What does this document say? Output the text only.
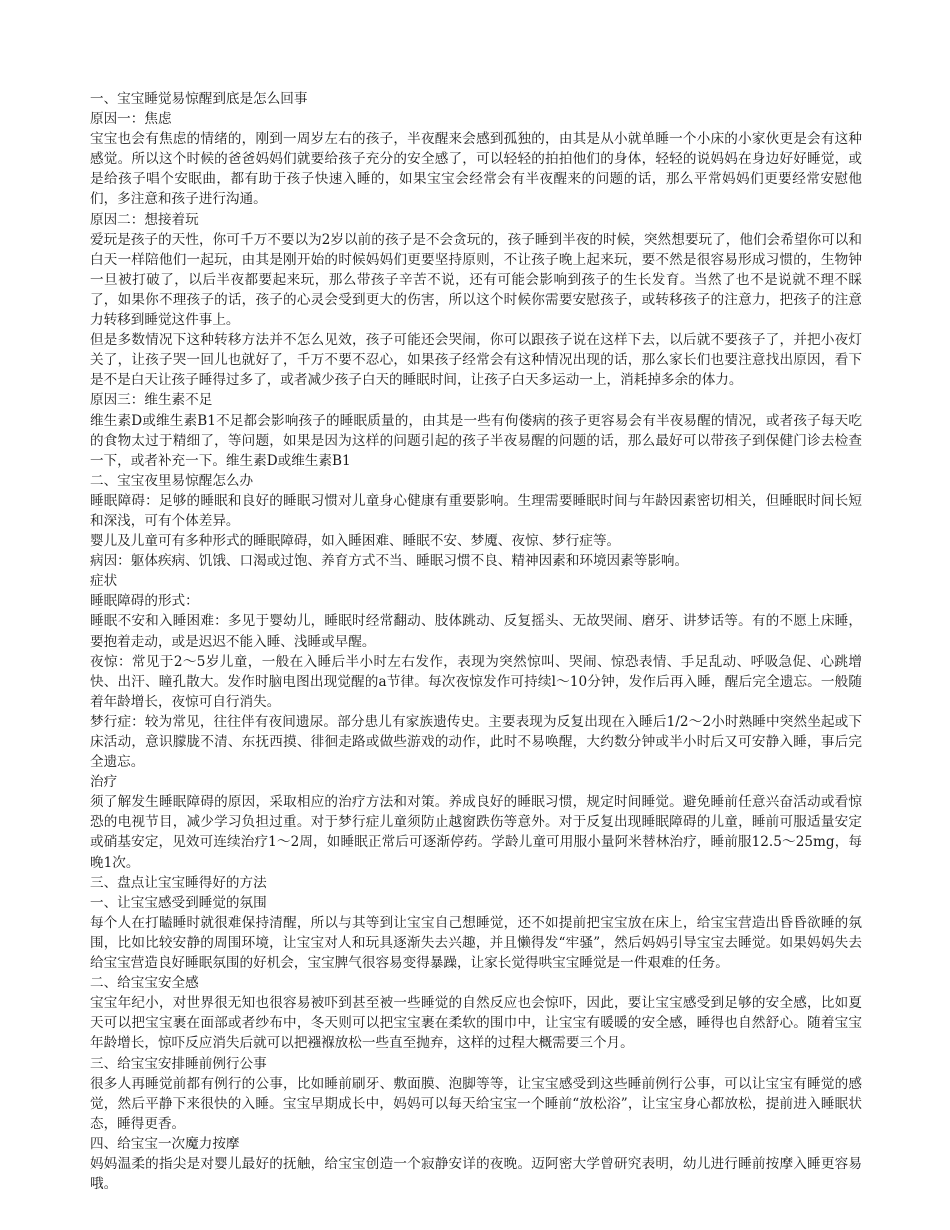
一、宝宝睡觉易惊醒到底是怎么回事

原因一：焦虑

宝宝也会有焦虑的情绪的，刚到一周岁左右的孩子，半夜醒来会感到孤独的，由其是从小就单睡一个小床的小家伙更是会有这种感觉。所以这个时候的爸爸妈妈们就要给孩子充分的安全感了，可以轻轻的拍拍他们的身体，轻轻的说妈妈在身边好好睡觉，或是给孩子唱个安眠曲，都有助于孩子快速入睡的，如果宝宝会经常会有半夜醒来的问题的话，那么平常妈妈们更要经常安慰他们，多注意和孩子进行沟通。

原因二：想接着玩

爱玩是孩子的天性，你可千万不要以为2岁以前的孩子是不会贪玩的，孩子睡到半夜的时候，突然想要玩了，他们会希望你可以和白天一样陪他们一起玩，由其是刚开始的时候妈妈们更要坚持原则，不让孩子晚上起来玩，要不然是很容易形成习惯的，生物钟一旦被打破了，以后半夜都要起来玩，那么带孩子辛苦不说，还有可能会影响到孩子的生长发育。当然了也不是说就不理不睬了，如果你不理孩子的话，孩子的心灵会受到更大的伤害，所以这个时候你需要安慰孩子，或转移孩子的注意力，把孩子的注意力转移到睡觉这件事上。

但是多数情况下这种转移方法并不怎么见效，孩子可能还会哭闹，你可以跟孩子说在这样下去，以后就不要孩子了，并把小夜灯关了，让孩子哭一回儿也就好了，千万不要不忍心，如果孩子经常会有这种情况出现的话，那么家长们也要注意找出原因，看下是不是白天让孩子睡得过多了，或者减少孩子白天的睡眠时间，让孩子白天多运动一上，消耗掉多余的体力。

原因三：维生素不足

维生素D或维生素B1不足都会影响孩子的睡眠质量的，由其是一些有佝偻病的孩子更容易会有半夜易醒的情况，或者孩子每天吃的食物太过于精细了，等问题，如果是因为这样的问题引起的孩子半夜易醒的问题的话，那么最好可以带孩子到保健门诊去检查一下，或者补充一下。维生素D或维生素B1

二、宝宝夜里易惊醒怎么办

睡眠障碍：足够的睡眠和良好的睡眠习惯对儿童身心健康有重要影响。生理需要睡眠时间与年龄因素密切相关，但睡眠时间长短和深浅，可有个体差异。

婴儿及儿童可有多种形式的睡眠障碍，如入睡困难、睡眠不安、梦魇、夜惊、梦行症等。

病因：躯体疾病、饥饿、口渴或过饱、养育方式不当、睡眠习惯不良、精神因素和环境因素等影响。

症状

睡眠障碍的形式：

睡眠不安和入睡困难：多见于婴幼儿，睡眠时经常翻动、肢体跳动、反复摇头、无故哭闹、磨牙、讲梦话等。有的不愿上床睡，要抱着走动，或是迟迟不能入睡、浅睡或早醒。

夜惊：常见于2～5岁儿童，一般在入睡后半小时左右发作，表现为突然惊叫、哭闹、惊恐表情、手足乱动、呼吸急促、心跳增快、出汗、瞳孔散大。发作时脑电图出现觉醒的a节律。每次夜惊发作可持续l～10分钟，发作后再入睡，醒后完全遗忘。一般随着年龄增长，夜惊可自行消失。

梦行症：较为常见，往往伴有夜间遗尿。部分患儿有家族遗传史。主要表现为反复出现在入睡后1/2～2小时熟睡中突然坐起或下床活动，意识朦胧不清、东抚西摸、徘徊走路或做些游戏的动作，此时不易唤醒，大约数分钟或半小时后又可安静入睡，事后完全遗忘。

治疗

须了解发生睡眠障碍的原因，采取相应的治疗方法和对策。养成良好的睡眠习惯，规定时间睡觉。避免睡前任意兴奋活动或看惊恐的电视节目，减少学习负担过重。对于梦行症儿童须防止越窗跌伤等意外。对于反复出现睡眠障碍的儿童，睡前可服适量安定或硝基安定，见效可连续治疗1～2周，如睡眠正常后可逐渐停药。学龄儿童可用服小量阿米替林治疗，睡前服12.5～25mg，每晚1次。

三、盘点让宝宝睡得好的方法

一、让宝宝感受到睡觉的氛围

每个人在打瞌睡时就很难保持清醒，所以与其等到让宝宝自己想睡觉，还不如提前把宝宝放在床上，给宝宝营造出昏昏欲睡的氛围，比如比较安静的周围环境，让宝宝对人和玩具逐渐失去兴趣，并且懒得发“牢骚”，然后妈妈引导宝宝去睡觉。如果妈妈失去给宝宝营造良好睡眠氛围的好机会，宝宝脾气很容易变得暴躁，让家长觉得哄宝宝睡觉是一件艰难的任务。

二、给宝宝安全感

宝宝年纪小，对世界很无知也很容易被吓到甚至被一些睡觉的自然反应也会惊吓，因此，要让宝宝感受到足够的安全感，比如夏天可以把宝宝裹在面部或者纱布中，冬天则可以把宝宝裹在柔软的围巾中，让宝宝有暖暖的安全感，睡得也自然舒心。随着宝宝年龄增长，惊吓反应消失后就可以把襁褓放松一些直至抛弃，这样的过程大概需要三个月。

三、给宝宝安排睡前例行公事

很多人再睡觉前都有例行的公事，比如睡前刷牙、敷面膜、泡脚等等，让宝宝感受到这些睡前例行公事，可以让宝宝有睡觉的感觉，然后平静下来很快的入睡。宝宝早期成长中，妈妈可以每天给宝宝一个睡前“放松浴”，让宝宝身心都放松，提前进入睡眠状态，睡得更香。

四、给宝宝一次魔力按摩

妈妈温柔的指尖是对婴儿最好的抚触，给宝宝创造一个寂静安详的夜晚。迈阿密大学曾研究表明，幼儿进行睡前按摩入睡更容易哦。
